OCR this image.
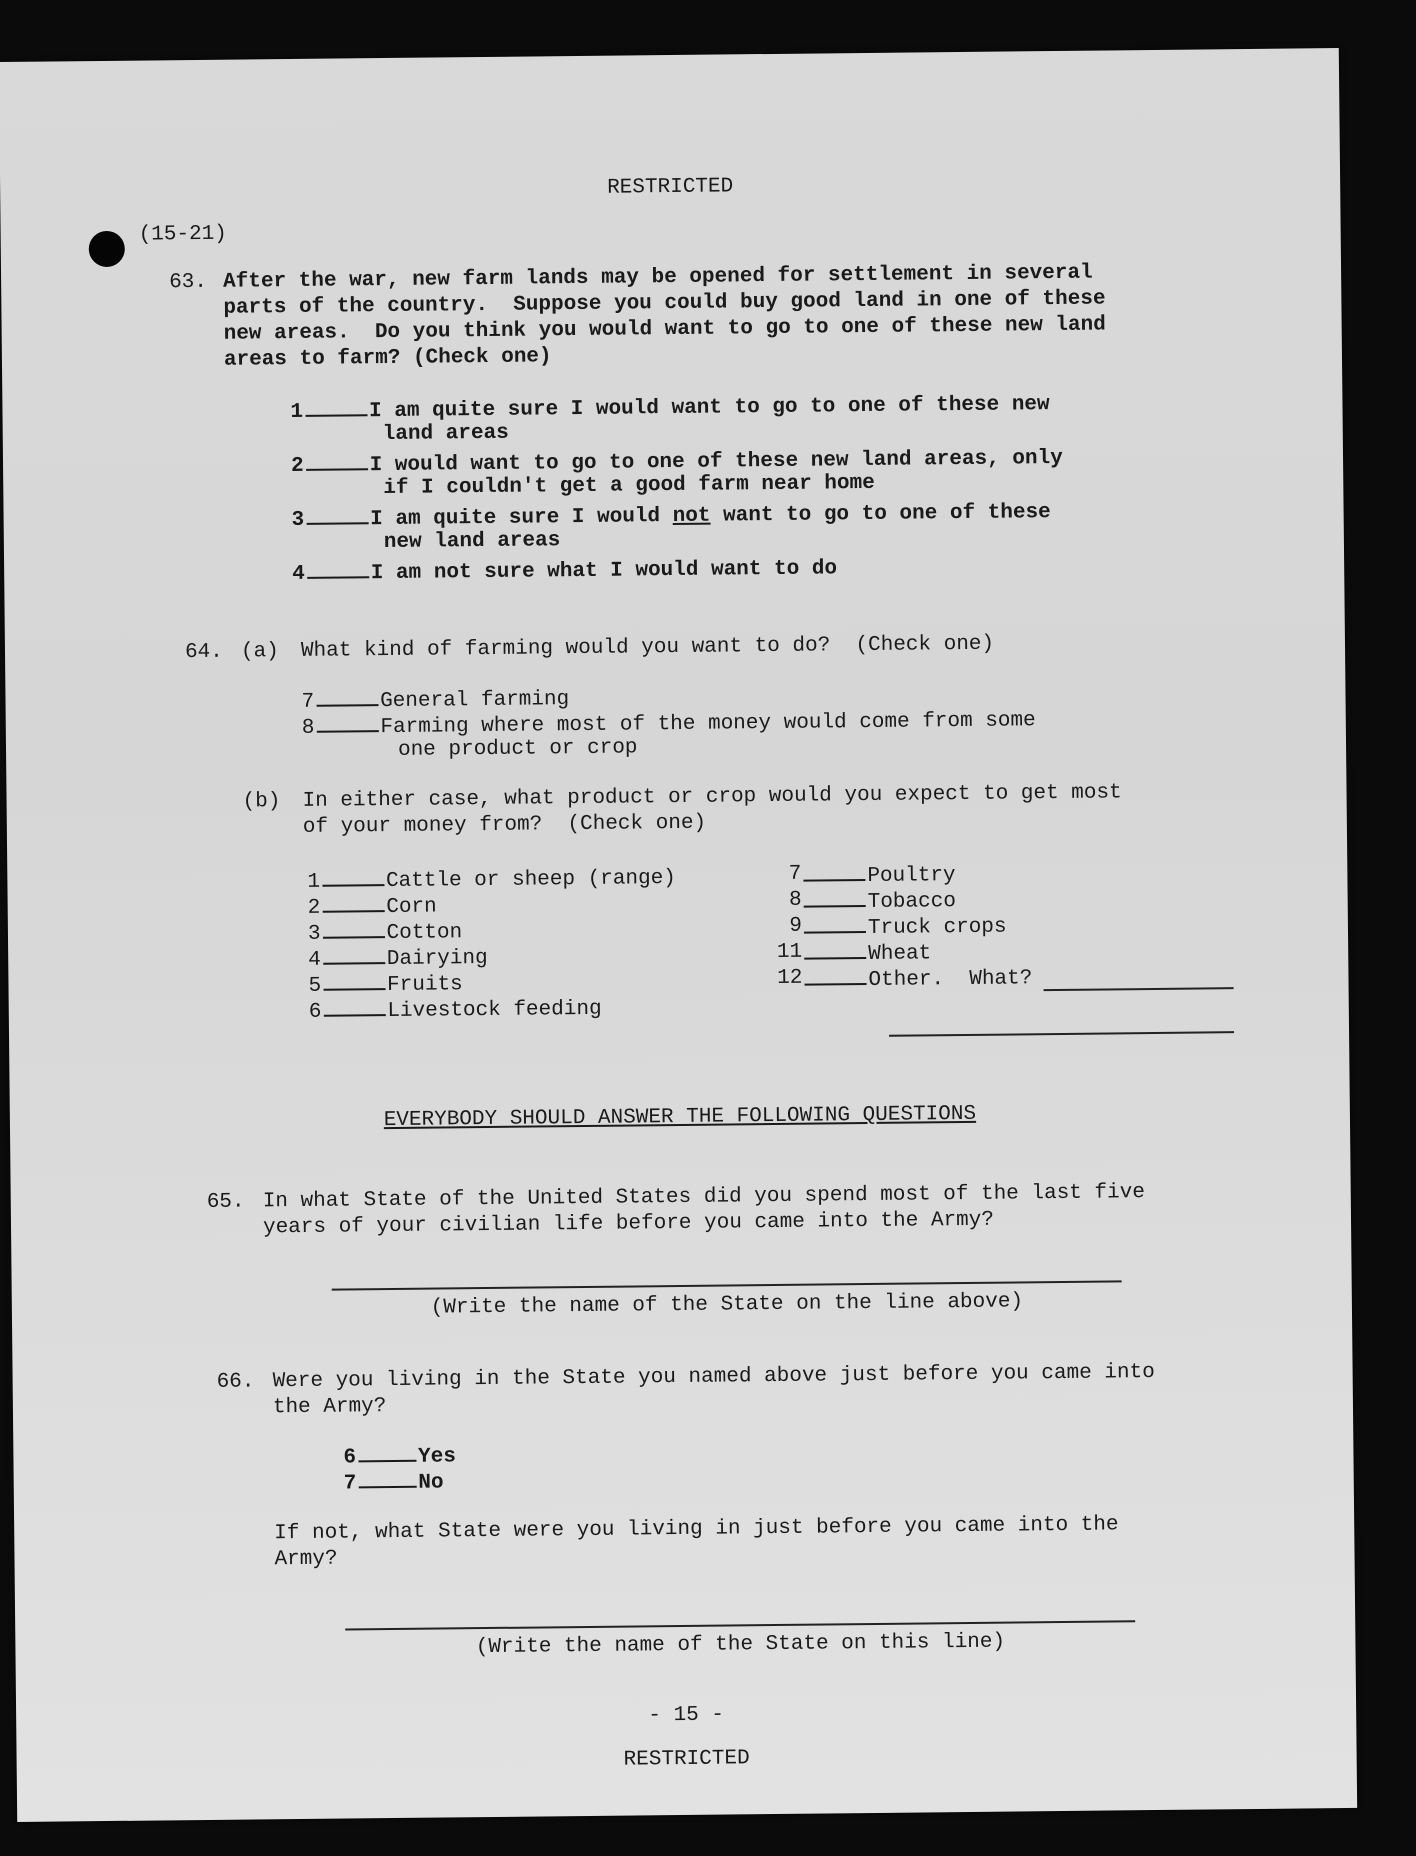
RESTRICTED
(15-21)
63. After the war, new farm lands may be opened for settlement in several
parts of the country.  Suppose you could buy good land in one of these
new areas.  Do you think you would want to go to one of these new land
areas to farm? (Check one)
1	I am quite sure I would want to go to one of these new
land areas
2	I would want to go to one of these new land areas, only
if I couldn't get a good farm near home
3	I am quite sure I would not want to go to one of these
new land areas
4	I am not sure what I would want to do
64. (a) What kind of farming would you want to do?  (Check one)
7	General farming
8	Farming where most of the money would come from some
one product or crop
(b) In either case, what product or crop would you expect to get most
of your money from?  (Check one)
1	Cattle or sheep (range)
2	Corn
3	Cotton
4	Dairying
5	Fruits
6	Livestock feeding
7	Poultry
8	Tobacco
9	Truck crops
11	Wheat
12	Other.  What?
EVERYBODY SHOULD ANSWER THE FOLLOWING QUESTIONS
65. In what State of the United States did you spend most of the last five
years of your civilian life before you came into the Army?
(Write the name of the State on the line above)
66. Were you living in the State you named above just before you came into
the Army?
6	Yes
7	No
If not, what State were you living in just before you came into the
Army?
(Write the name of the State on this line)
- 15 -
RESTRICTED
